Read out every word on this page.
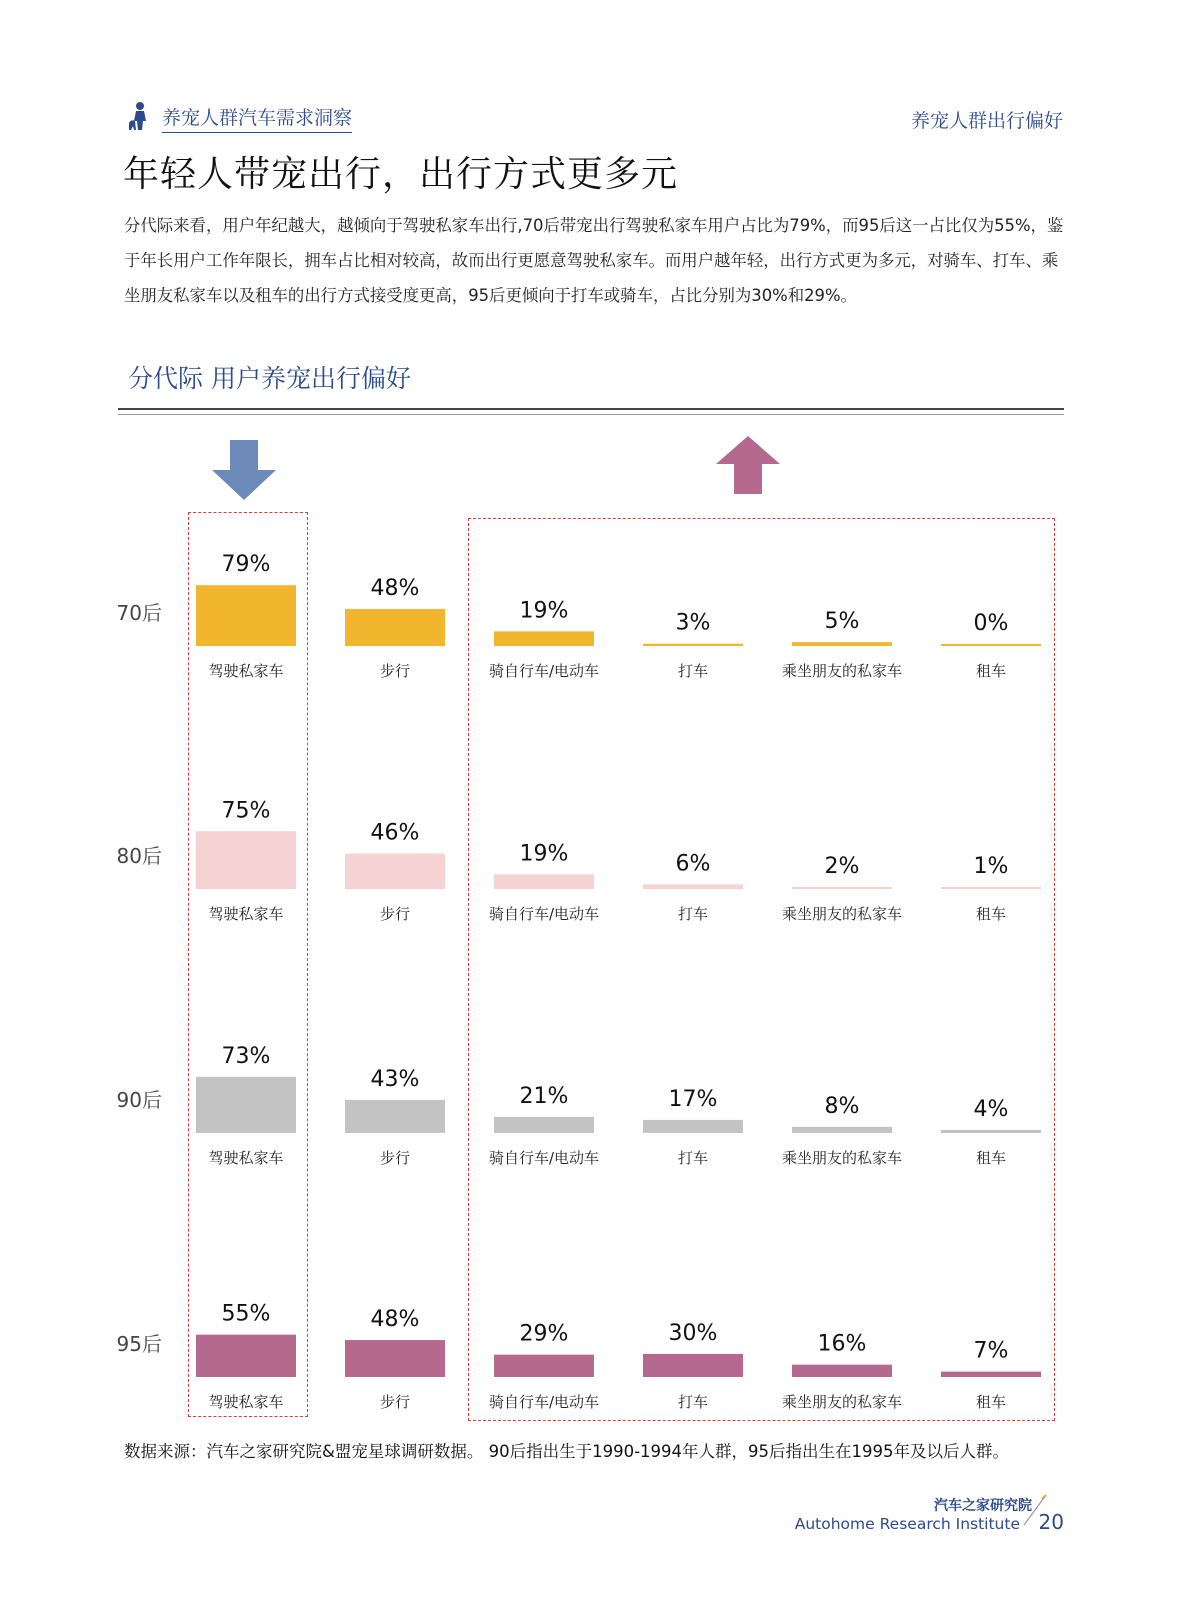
养宠人群汽车需求洞察	养宠人群出行偏好
年轻人带宠出行，出行方式更多元
分代际来看，用户年纪越大，越倾向于驾驶私家车出行,70后带宠出行驾驶私家车用户占比为79%，而95后这一占比仅为55%，鉴于年长用户工作年限长，拥车占比相对较高，故而出行更愿意驾驶私家车。而用户越年轻，出行方式更为多元，对骑车、打车、乘坐朋友私家车以及租车的出行方式接受度更高，95后更倾向于打车或骑车，占比分别为30%和29%。
分代际 用户养宠出行偏好
70后
79%
驾驶私家车
48%
步行
19%
骑自行车/电动车
3%
打车
5%
乘坐朋友的私家车
0%
租车
80后
75%
驾驶私家车
46%
步行
19%
骑自行车/电动车
6%
打车
2%
乘坐朋友的私家车
1%
租车
90后
73%
驾驶私家车
43%
步行
21%
骑自行车/电动车
17%
打车
8%
乘坐朋友的私家车
4%
租车
95后
55%
驾驶私家车
48%
步行
29%
骑自行车/电动车
30%
打车
16%
乘坐朋友的私家车
7%
租车
数据来源：汽车之家研究院&盟宠星球调研数据。 90后指出生于1990-1994年人群，95后指出生在1995年及以后人群。
汽车之家研究院
Autohome Research Institute 20
